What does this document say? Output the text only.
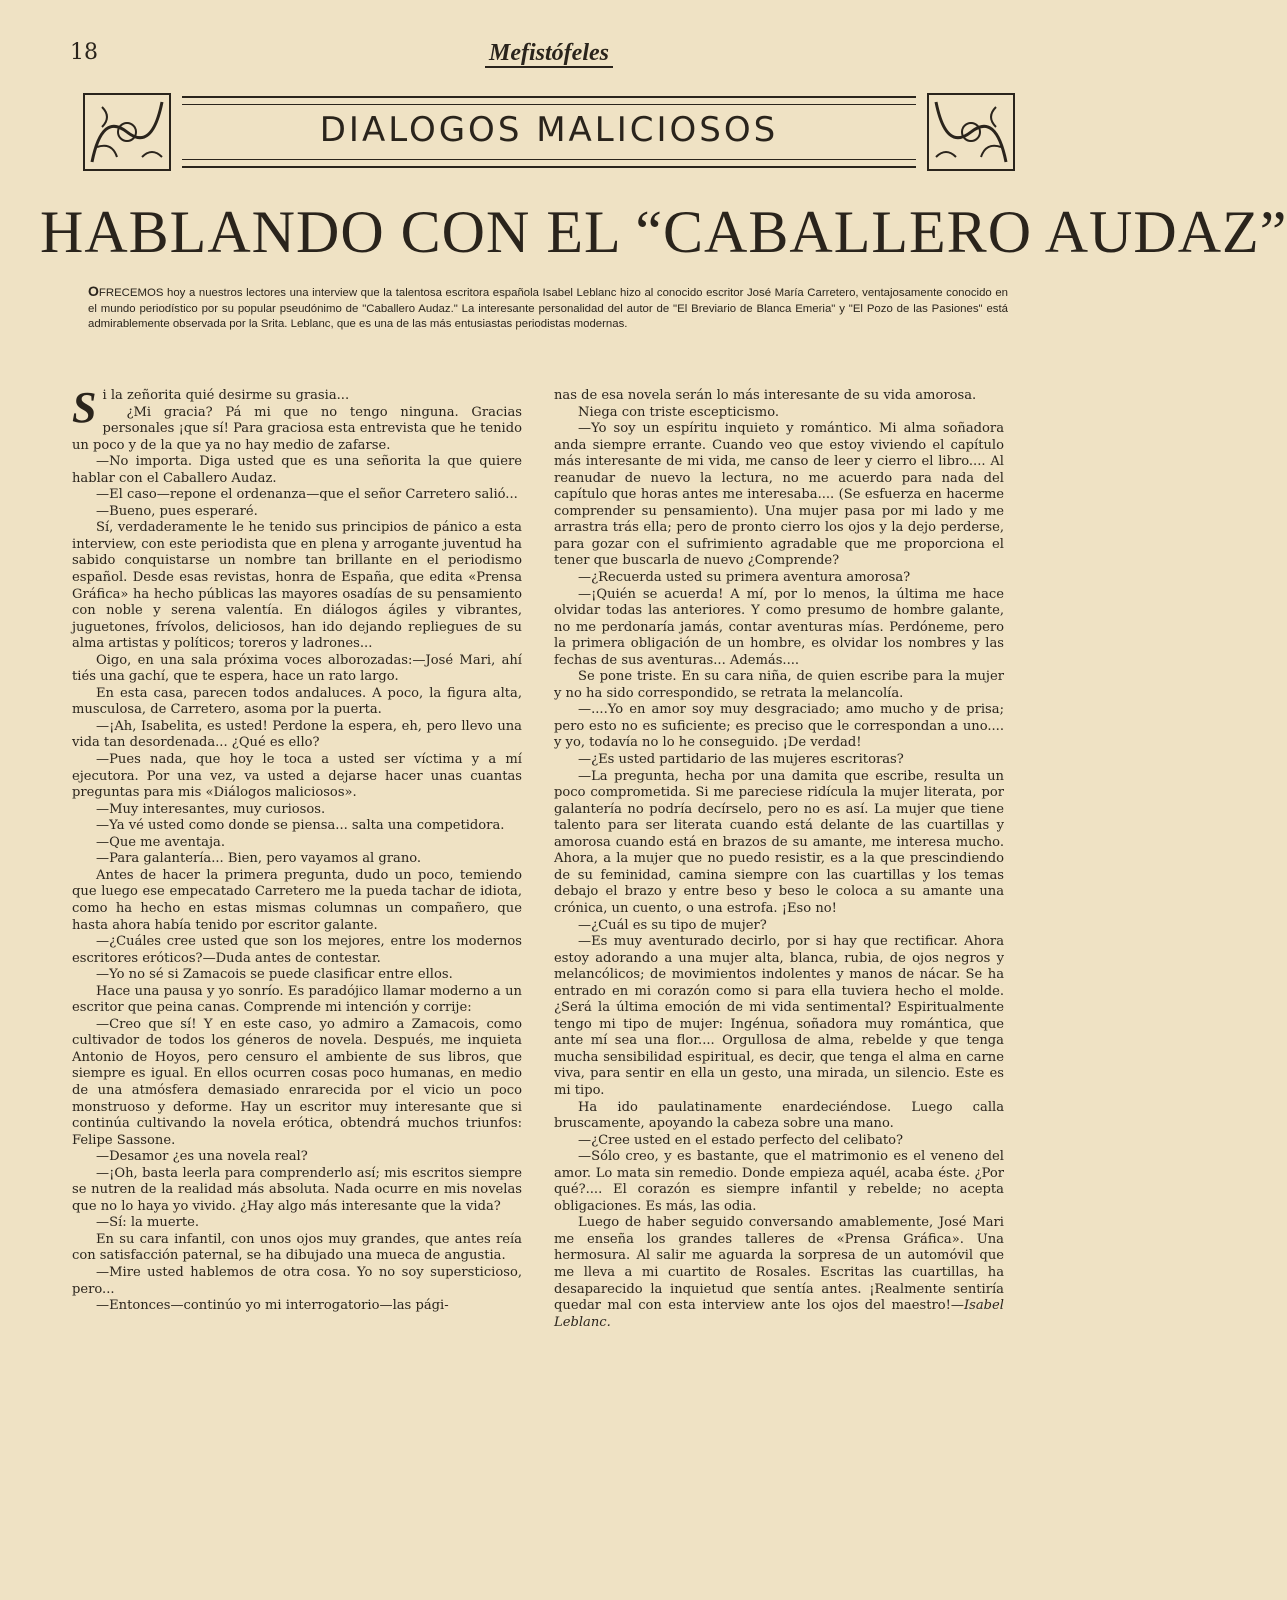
18	Mefistófeles
DIALOGOS MALICIOSOS
HABLANDO CON EL “CABALLERO AUDAZ”
OFRECEMOS hoy a nuestros lectores una interview que la talentosa escritora española Isabel Leblanc hizo al conocido escritor José María Carretero, ventajosamente conocido en el mundo periodístico por su popular pseudónimo de "Caballero Audaz." La interesante personalidad del autor de "El Breviario de Blanca Emeria" y "El Pozo de las Pasiones" está admirablemente observada por la Srita. Leblanc, que es una de las más entusiastas periodistas modernas.

Si la zeñorita quié desirme su grasia...

¿Mi gracia? Pá mi que no tengo ninguna. Gracias personales ¡que sí! Para graciosa esta entrevista que he tenido un poco y de la que ya no hay medio de zafarse.

—No importa. Diga usted que es una señorita la que quiere hablar con el Caballero Audaz.

—El caso—repone el ordenanza—que el señor Carretero salió...

—Bueno, pues esperaré.

Sí, verdaderamente le he tenido sus principios de pánico a esta interview, con este periodista que en plena y arrogante juventud ha sabido conquistarse un nombre tan brillante en el periodismo español. Desde esas revistas, honra de España, que edita «Prensa Gráfica» ha hecho públicas las mayores osadías de su pensamiento con noble y serena valentía. En diálogos ágiles y vibrantes, juguetones, frívolos, deliciosos, han ido dejando repliegues de su alma artistas y políticos; toreros y ladrones...

Oigo, en una sala próxima voces alborozadas:—José Mari, ahí tiés una gachí, que te espera, hace un rato largo.

En esta casa, parecen todos andaluces. A poco, la figura alta, musculosa, de Carretero, asoma por la puerta.

—¡Ah, Isabelita, es usted! Perdone la espera, eh, pero llevo una vida tan desordenada... ¿Qué es ello?

—Pues nada, que hoy le toca a usted ser víctima y a mí ejecutora. Por una vez, va usted a dejarse hacer unas cuantas preguntas para mis «Diálogos maliciosos».

—Muy interesantes, muy curiosos.

—Ya vé usted como donde se piensa... salta una competidora.

—Que me aventaja.

—Para galantería... Bien, pero vayamos al grano.

Antes de hacer la primera pregunta, dudo un poco, temiendo que luego ese empecatado Carretero me la pueda tachar de idiota, como ha hecho en estas mismas columnas un compañero, que hasta ahora había tenido por escritor galante.

—¿Cuáles cree usted que son los mejores, entre los modernos escritores eróticos?—Duda antes de contestar.

—Yo no sé si Zamacois se puede clasificar entre ellos.

Hace una pausa y yo sonrío. Es paradójico llamar moderno a un escritor que peina canas. Comprende mi intención y corrije:

—Creo que sí! Y en este caso, yo admiro a Zamacois, como cultivador de todos los géneros de novela. Después, me inquieta Antonio de Hoyos, pero censuro el ambiente de sus libros, que siempre es igual. En ellos ocurren cosas poco humanas, en medio de una atmósfera demasiado enrarecida por el vicio un poco monstruoso y deforme. Hay un escritor muy interesante que si continúa cultivando la novela erótica, obtendrá muchos triunfos: Felipe Sassone.

—Desamor ¿es una novela real?

—¡Oh, basta leerla para comprenderlo así; mis escritos siempre se nutren de la realidad más absoluta. Nada ocurre en mis novelas que no lo haya yo vivido. ¿Hay algo más interesante que la vida?

—Sí: la muerte.

En su cara infantil, con unos ojos muy grandes, que antes reía con satisfacción paternal, se ha dibujado una mueca de angustia.

—Mire usted hablemos de otra cosa. Yo no soy supersticioso, pero...

—Entonces—continúo yo mi interrogatorio—las pági-

nas de esa novela serán lo más interesante de su vida amorosa.

Niega con triste escepticismo.

—Yo soy un espíritu inquieto y romántico. Mi alma soñadora anda siempre errante. Cuando veo que estoy viviendo el capítulo más interesante de mi vida, me canso de leer y cierro el libro.... Al reanudar de nuevo la lectura, no me acuerdo para nada del capítulo que horas antes me interesaba.... (Se esfuerza en hacerme comprender su pensamiento). Una mujer pasa por mi lado y me arrastra trás ella; pero de pronto cierro los ojos y la dejo perderse, para gozar con el sufrimiento agradable que me proporciona el tener que buscarla de nuevo ¿Comprende?

—¿Recuerda usted su primera aventura amorosa?

—¡Quién se acuerda! A mí, por lo menos, la última me hace olvidar todas las anteriores. Y como presumo de hombre galante, no me perdonaría jamás, contar aventuras mías. Perdóneme, pero la primera obligación de un hombre, es olvidar los nombres y las fechas de sus aventuras... Además....

Se pone triste. En su cara niña, de quien escribe para la mujer y no ha sido correspondido, se retrata la melancolía.

—....Yo en amor soy muy desgraciado; amo mucho y de prisa; pero esto no es suficiente; es preciso que le correspondan a uno.... y yo, todavía no lo he conseguido. ¡De verdad!

—¿Es usted partidario de las mujeres escritoras?

—La pregunta, hecha por una damita que escribe, resulta un poco comprometida. Si me pareciese ridícula la mujer literata, por galantería no podría decírselo, pero no es así. La mujer que tiene talento para ser literata cuando está delante de las cuartillas y amorosa cuando está en brazos de su amante, me interesa mucho. Ahora, a la mujer que no puedo resistir, es a la que prescindiendo de su feminidad, camina siempre con las cuartillas y los temas debajo el brazo y entre beso y beso le coloca a su amante una crónica, un cuento, o una estrofa. ¡Eso no!

—¿Cuál es su tipo de mujer?

—Es muy aventurado decirlo, por si hay que rectificar. Ahora estoy adorando a una mujer alta, blanca, rubia, de ojos negros y melancólicos; de movimientos indolentes y manos de nácar. Se ha entrado en mi corazón como si para ella tuviera hecho el molde. ¿Será la última emoción de mi vida sentimental? Espiritualmente tengo mi tipo de mujer: Ingénua, soñadora muy romántica, que ante mí sea una flor.... Orgullosa de alma, rebelde y que tenga mucha sensibilidad espiritual, es decir, que tenga el alma en carne viva, para sentir en ella un gesto, una mirada, un silencio. Este es mi tipo.

Ha ido paulatinamente enardeciéndose. Luego calla bruscamente, apoyando la cabeza sobre una mano.

—¿Cree usted en el estado perfecto del celibato?

—Sólo creo, y es bastante, que el matrimonio es el veneno del amor. Lo mata sin remedio. Donde empieza aquél, acaba éste. ¿Por qué?.... El corazón es siempre infantil y rebelde; no acepta obligaciones. Es más, las odia.

Luego de haber seguido conversando amablemente, José Mari me enseña los grandes talleres de «Prensa Gráfica». Una hermosura. Al salir me aguarda la sorpresa de un automóvil que me lleva a mi cuartito de Rosales. Escritas las cuartillas, ha desaparecido la inquietud que sentía antes. ¡Realmente sentiría quedar mal con esta interview ante los ojos del maestro!—Isabel Leblanc.
